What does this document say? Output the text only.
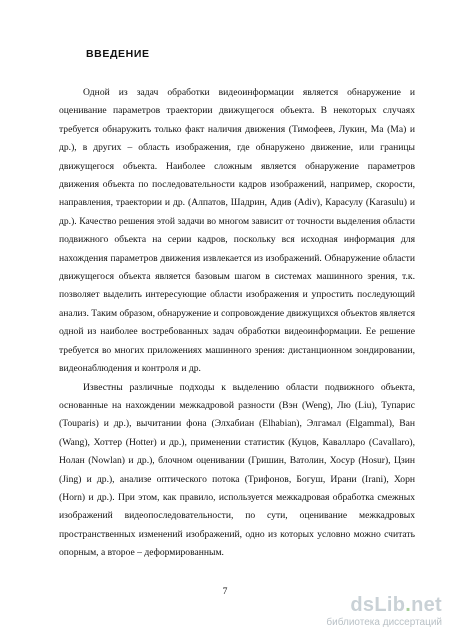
ВВЕДЕНИЕ

Одной из задач обработки видеоинформации является обнаружение и оценивание параметров траектории движущегося объекта. В некоторых случаях требуется обнаружить только факт наличия движения (Тимофеев, Лукин, Ма (Ma) и др.), в других – область изображения, где обнаружено движение, или границы движущегося объекта. Наиболее сложным является обнаружение параметров движения объекта по последовательности кадров изображений, например, скорости, направления, траектории и др. (Алпатов, Шадрин, Адив (Adiv), Карасулу (Karasulu) и др.). Качество решения этой задачи во многом зависит от точности выделения области подвижного объекта на серии кадров, поскольку вся исходная информация для нахождения параметров движения извлекается из изображений. Обнаружение области движущегося объекта является базовым шагом в системах машинного зрения, т.к. позволяет выделить интересующие области изображения и упростить последующий анализ. Таким образом, обнаружение и сопровождение движущихся объектов является одной из наиболее востребованных задач обработки видеоинформации. Ее решение требуется во многих приложениях машинного зрения: дистанционном зондировании, видеонаблюдения и контроля и др.

Известны различные подходы к выделению области подвижного объекта, основанные на нахождении межкадровой разности (Вэн (Weng), Лю (Liu), Тупарис (Touparis) и др.), вычитании фона (Элхабиан (Elhabian), Элгамал (Elgammal), Ван (Wang), Хоттер (Hotter) и др.), применении статистик (Куцов, Каваллaро (Cavallaro), Нолан (Nowlan) и др.), блочном оценивании (Гришин, Ватолин, Хосур (Hosur), Цзин (Jing) и др.), анализе оптического потока (Трифонов, Богуш, Ирани (Irani), Хорн (Horn) и др.). При этом, как правило, используется межкадровая обработка смежных изображений видеопоследовательности, по сути, оценивание межкадровых пространственных изменений изображений, одно из которых условно можно считать опорным, а второе – деформированным.

7
dsLib.net
библиотека диссертаций
